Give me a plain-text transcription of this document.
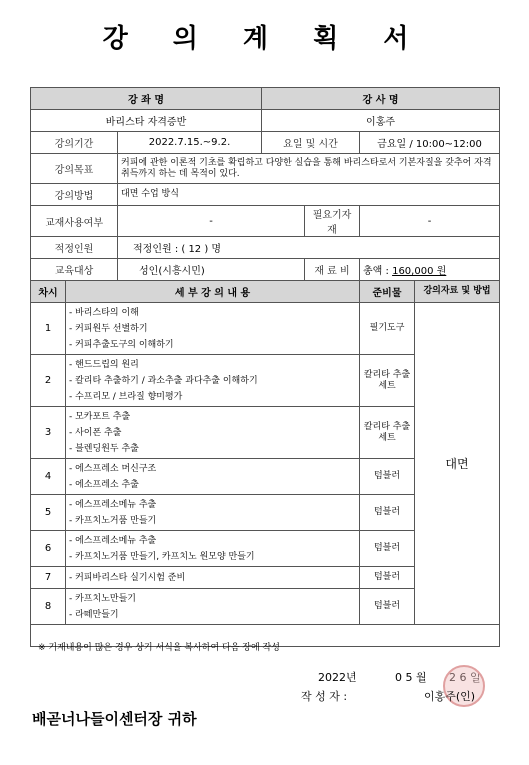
강 의 계 획 서
강 좌 명			강 사 명			
바리스타 자격증반			이홍주			
강의기간		2022.7.15.~9.2.	요일 및 시간		금요일 / 10:00~12:00	
강의목표		커피에 관한 이론적 기초를 확립하고 다양한 실습을 통해 바리스타로서 기본자질을 갖추어 자격취득까지 하는 데 목적이 있다.				
강의방법		대면 수업 방식				
교재사용여부		-		필요기자재	-	
적정인원		적정인원 : ( 12 ) 명				
교육대상		성인(시흥시민)		재 료 비	총액 : 160,000 원	
차시	세 부 강 의 내 용				준비물	강의자료 및 방법
1	- 바리스타의 이해
- 커피원두 선별하기
- 커피추출도구의 이해하기				필기도구	대면
2	- 핸드드립의 원리
- 칼리타 추출하기 / 과소추출 과다추출 이해하기
- 수프리모 / 브라질 향미평가				칼리타 추출 세트	
3	- 모카포트 추출
- 사이폰 추출
- 블렌딩원두 추출				칼리타 추출 세트	
4	- 에스프레소 머신구조
- 에소프레소 추출				텀블러	
5	- 에스프레소메뉴 추출
- 카프치노거품 만들기				텀블러	
6	- 에스프레소메뉴 추출
- 카프치노거품 만들기, 카프치노 원모양 만들기				텀블러	
7	- 커피바리스타 실기시험 준비				텀블러	
8	- 카프치노만들기
- 라떼만들기				텀블러	

※ 기재내용이 많은 경우 상기 서식을 복사하여 다음 장에 작성
2022년	0 5 월 2 6 일
작 성 자 :	이홍주(인)
배곧너나들이센터장 귀하
